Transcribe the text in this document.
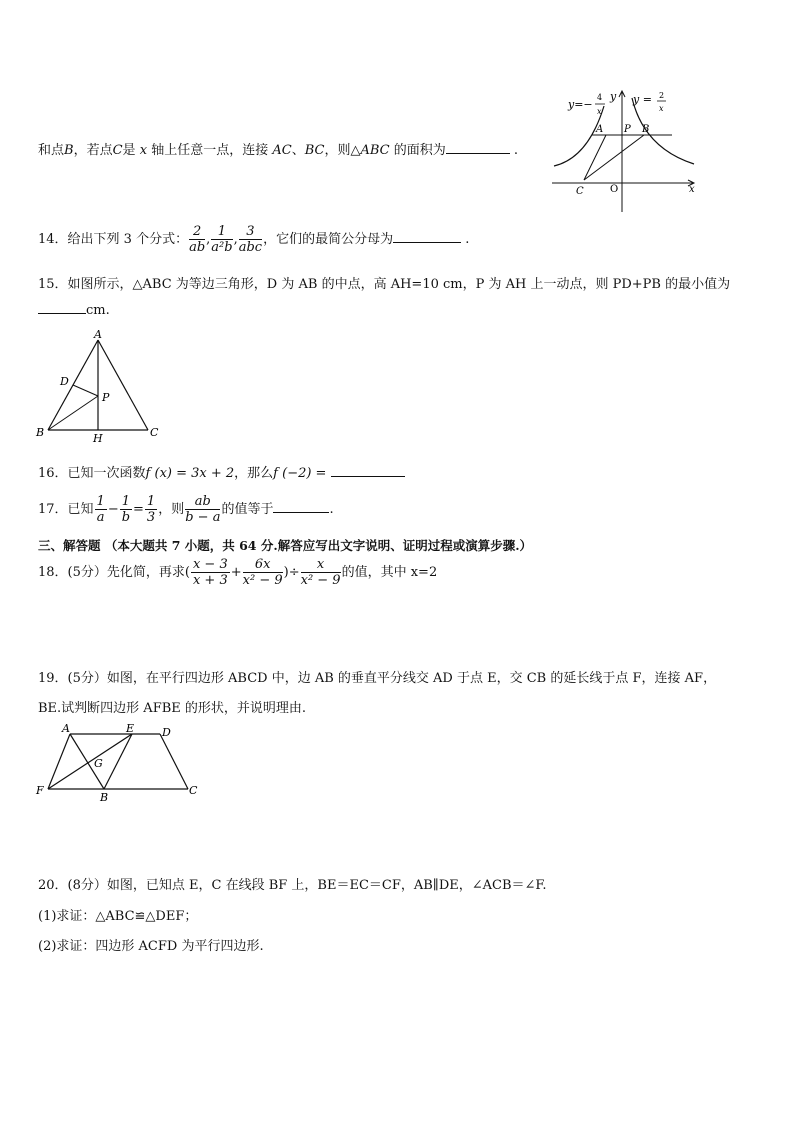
和点B，若点C是 x 轴上任意一点，连接 AC、BC，则△ABC 的面积为	.
y=−
4
x
y y = 2
x
A P B
C	O	x
14．给出下列 3 个分式： $\frac{2}{ab}$ , $\frac{1}{\text{a²b}}$ , $\frac{3}{\text{abc}}$ ，它们的最简公分母为	.
15．如图所示，△ABC 为等边三角形，D 为 AB 的中点，高 AH=10 cm，P 为 AH 上一动点，则 PD+PB 的最小值为
cm.
A
D
P
B	H	C
16．已知一次函数f (x) = 3x + 2，那么f (−2) =
17．已知 $\frac{1}{a} - \frac{1}{b} = \frac{1}{3}$ ，则 $\frac{ab}{b - a}$ 的值等于	.
三、解答题 （本大题共 7 小题，共 64 分.解答应写出文字说明、证明过程或演算步骤.）
18．(5分）先化简，再求( $\frac{x - 3}{x + 3} + \frac{6x}{\text{x² − 9}}$ )÷ $\frac{x}{\text{x² − 9}}$ 的值，其中 x=2
19．(5分）如图，在平行四边形 ABCD 中，边 AB 的垂直平分线交 AD 于点 E，交 CB 的延长线于点 F，连接 AF，
BE.试判断四边形 AFBE 的形状，并说明理由.
A	E	D
G
F
B
C
20．(8分）如图，已知点 E，C 在线段 BF 上，BE＝EC＝CF，AB∥DE，∠ACB＝∠F.
(1)求证：△ABC≌△DEF；
(2)求证：四边形 ACFD 为平行四边形.
